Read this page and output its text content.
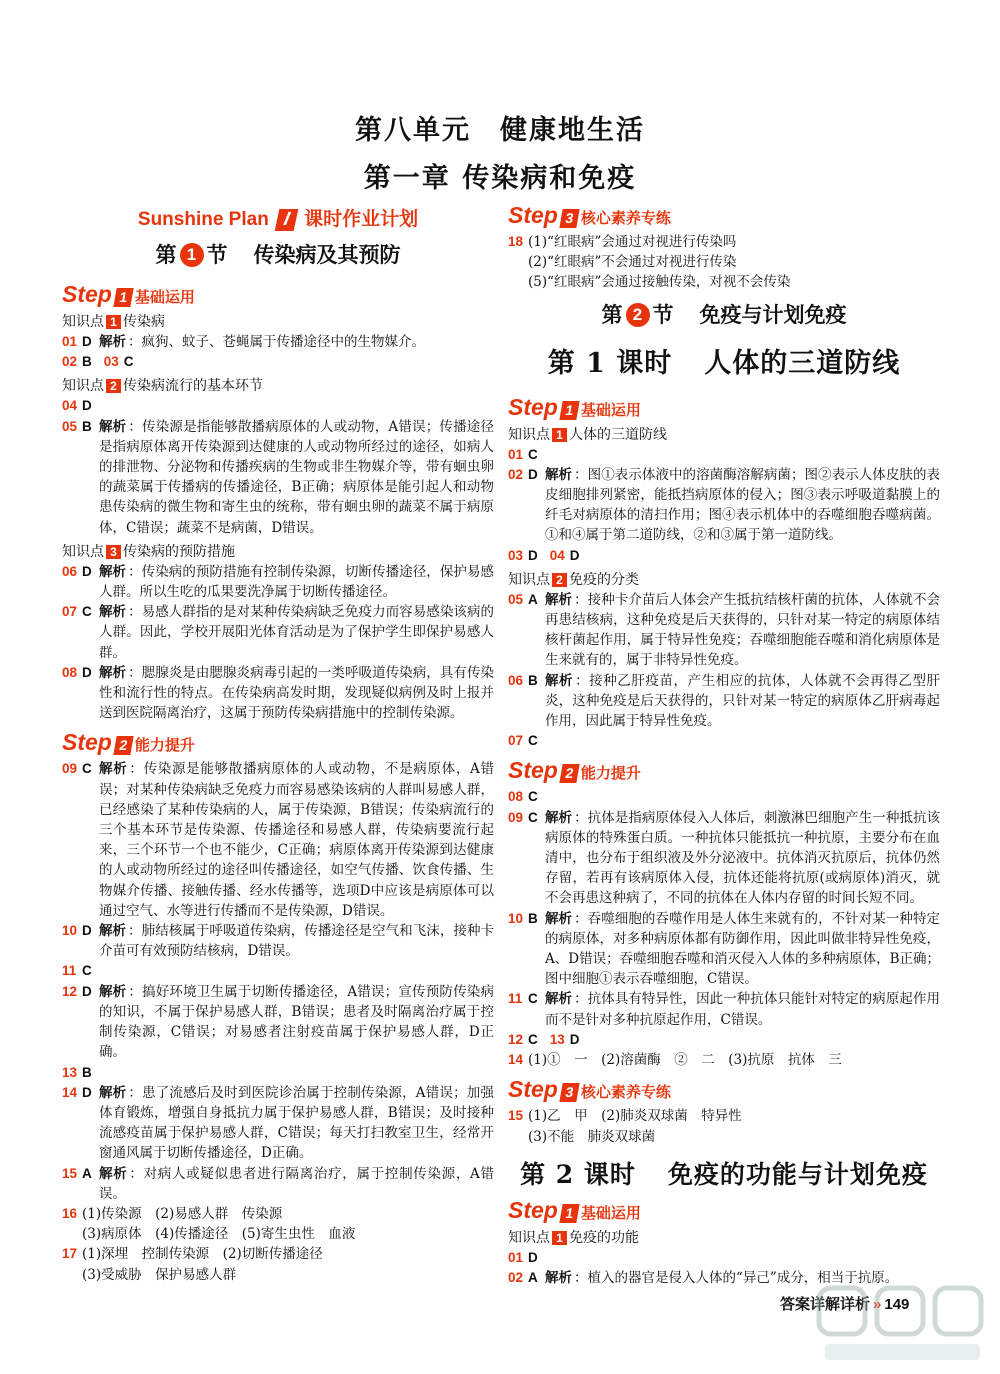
第八单元　健康地生活
第一章 传染病和免疫
Sunshine Plan I 课时作业计划
第 1 节 传染病及其预防
Step 1 基础运用
知识点 1 传染病
01 D 解析 ：疯狗、蚊子、苍蝇属于传播途径中的生物媒介。
02 B 03 C
知识点 2 传染病流行的基本环节
04 D
05 B 解析 ：传染源是指能够散播病原体的人或动物，A错误；传播途径是指病原体离开传染源到达健康的人或动物所经过的途径，如病人的排泄物、分泌物和传播疾病的生物或非生物媒介等，带有蛔虫卵的蔬菜属于传播病的传播途径，B正确；病原体是能引起人和动物患传染病的微生物和寄生虫的统称，带有蛔虫卵的蔬菜不属于病原体，C错误；蔬菜不是病菌，D错误。
知识点 3 传染病的预防措施
06 D 解析 ：传染病的预防措施有控制传染源，切断传播途径，保护易感人群。所以生吃的瓜果要洗净属于切断传播途径。
07 C 解析 ：易感人群指的是对某种传染病缺乏免疫力而容易感染该病的人群。因此，学校开展阳光体育活动是为了保护学生即保护易感人群。
08 D 解析 ：腮腺炎是由腮腺炎病毒引起的一类呼吸道传染病，具有传染性和流行性的特点。在传染病高发时期，发现疑似病例及时上报并送到医院隔离治疗，这属于预防传染病措施中的控制传染源。
Step 2 能力提升
09 C 解析 ：传染源是能够散播病原体的人或动物，不是病原体，A错误；对某种传染病缺乏免疫力而容易感染该病的人群叫易感人群，已经感染了某种传染病的人，属于传染源，B错误；传染病流行的三个基本环节是传染源、传播途径和易感人群，传染病要流行起来，三个环节一个也不能少，C正确；病原体离开传染源到达健康的人或动物所经过的途径叫传播途径，如空气传播、饮食传播、生物媒介传播、接触传播、经水传播等，选项D中应该是病原体可以通过空气、水等进行传播而不是传染源，D错误。
10 D 解析 ：肺结核属于呼吸道传染病，传播途径是空气和飞沫，接种卡介苗可有效预防结核病，D错误。
11 C
12 D 解析 ：搞好环境卫生属于切断传播途径，A错误；宣传预防传染病的知识，不属于保护易感人群，B错误；患者及时隔离治疗属于控制传染源，C错误；对易感者注射疫苗属于保护易感人群，D正确。
13 B
14 D 解析 ：患了流感后及时到医院诊治属于控制传染源，A错误；加强体育锻炼，增强自身抵抗力属于保护易感人群，B错误；及时接种流感疫苗属于保护易感人群，C错误；每天打扫教室卫生，经常开窗通风属于切断传播途径，D正确。
15 A 解析 ：对病人或疑似患者进行隔离治疗，属于控制传染源，A错误。
16 (1)传染源　(2)易感人群　传染源
(3)病原体　(4)传播途径　(5)寄生虫性　血液
17 (1)深埋　控制传染源　(2)切断传播途径
(3)受威胁　保护易感人群
Step 3 核心素养专练
18 (1)“红眼病”会通过对视进行传染吗
(2)“红眼病”不会通过对视进行传染
(5)“红眼病”会通过接触传染，对视不会传染
第 2 节 免疫与计划免疫
第 1 课时 人体的三道防线
Step 1 基础运用
知识点 1 人体的三道防线
01 C
02 D 解析 ：图①表示体液中的溶菌酶溶解病菌；图②表示人体皮肤的表皮细胞排列紧密，能抵挡病原体的侵入；图③表示呼吸道黏膜上的纤毛对病原体的清扫作用；图④表示机体中的吞噬细胞吞噬病菌。①和④属于第二道防线，②和③属于第一道防线。
03 D 04 D
知识点 2 免疫的分类
05 A 解析 ：接种卡介苗后人体会产生抵抗结核杆菌的抗体，人体就不会再患结核病，这种免疫是后天获得的，只针对某一特定的病原体结核杆菌起作用，属于特异性免疫；吞噬细胞能吞噬和消化病原体是生来就有的，属于非特异性免疫。
06 B 解析 ：接种乙肝疫苗，产生相应的抗体，人体就不会再得乙型肝炎，这种免疫是后天获得的，只针对某一特定的病原体乙肝病毒起作用，因此属于特异性免疫。
07 C
Step 2 能力提升
08 C
09 C 解析 ：抗体是指病原体侵入人体后，刺激淋巴细胞产生一种抵抗该病原体的特殊蛋白质。一种抗体只能抵抗一种抗原，主要分布在血清中，也分布于组织液及外分泌液中。抗体消灭抗原后，抗体仍然存留，若再有该病原体入侵，抗体还能将抗原(或病原体)消灭，就不会再患这种病了，不同的抗体在人体内存留的时间长短不同。
10 B 解析 ：吞噬细胞的吞噬作用是人体生来就有的，不针对某一种特定的病原体，对多种病原体都有防御作用，因此叫做非特异性免疫，A、D错误；吞噬细胞吞噬和消灭侵入人体的多种病原体，B正确；图中细胞①表示吞噬细胞，C错误。
11 C 解析 ：抗体具有特异性，因此一种抗体只能针对特定的病原起作用而不是针对多种抗原起作用，C错误。
12 C 13 D
14 (1)①　一　(2)溶菌酶　②　二　(3)抗原　抗体　三
Step 3 核心素养专练
15 (1)乙　甲　(2)肺炎双球菌　特异性
(3)不能　肺炎双球菌
第 2 课时 免疫的功能与计划免疫
Step 1 基础运用
知识点 1 免疫的功能
01 D
02 A 解析 ：植入的器官是侵入人体的“异己”成分，相当于抗原。
答案详解详析 » 149
